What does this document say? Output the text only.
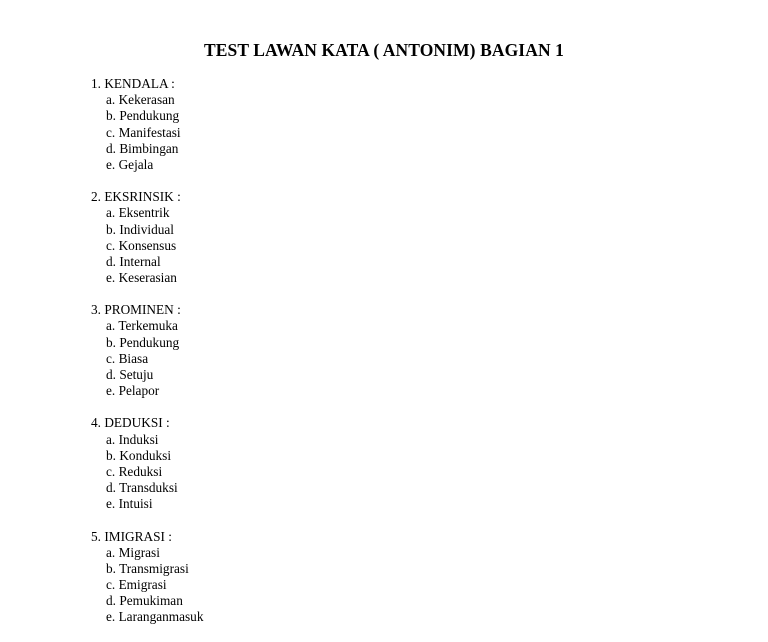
TEST LAWAN KATA ( ANTONIM) BAGIAN 1
1. KENDALA :
a. Kekerasan
b. Pendukung
c. Manifestasi
d. Bimbingan
e. Gejala
2. EKSRINSIK :
a. Eksentrik
b. Individual
c. Konsensus
d. Internal
e. Keserasian
3. PROMINEN :
a. Terkemuka
b. Pendukung
c. Biasa
d. Setuju
e. Pelapor
4. DEDUKSI :
a. Induksi
b. Konduksi
c. Reduksi
d. Transduksi
e. Intuisi
5. IMIGRASI :
a. Migrasi
b. Transmigrasi
c. Emigrasi
d. Pemukiman
e. Laranganmasuk
